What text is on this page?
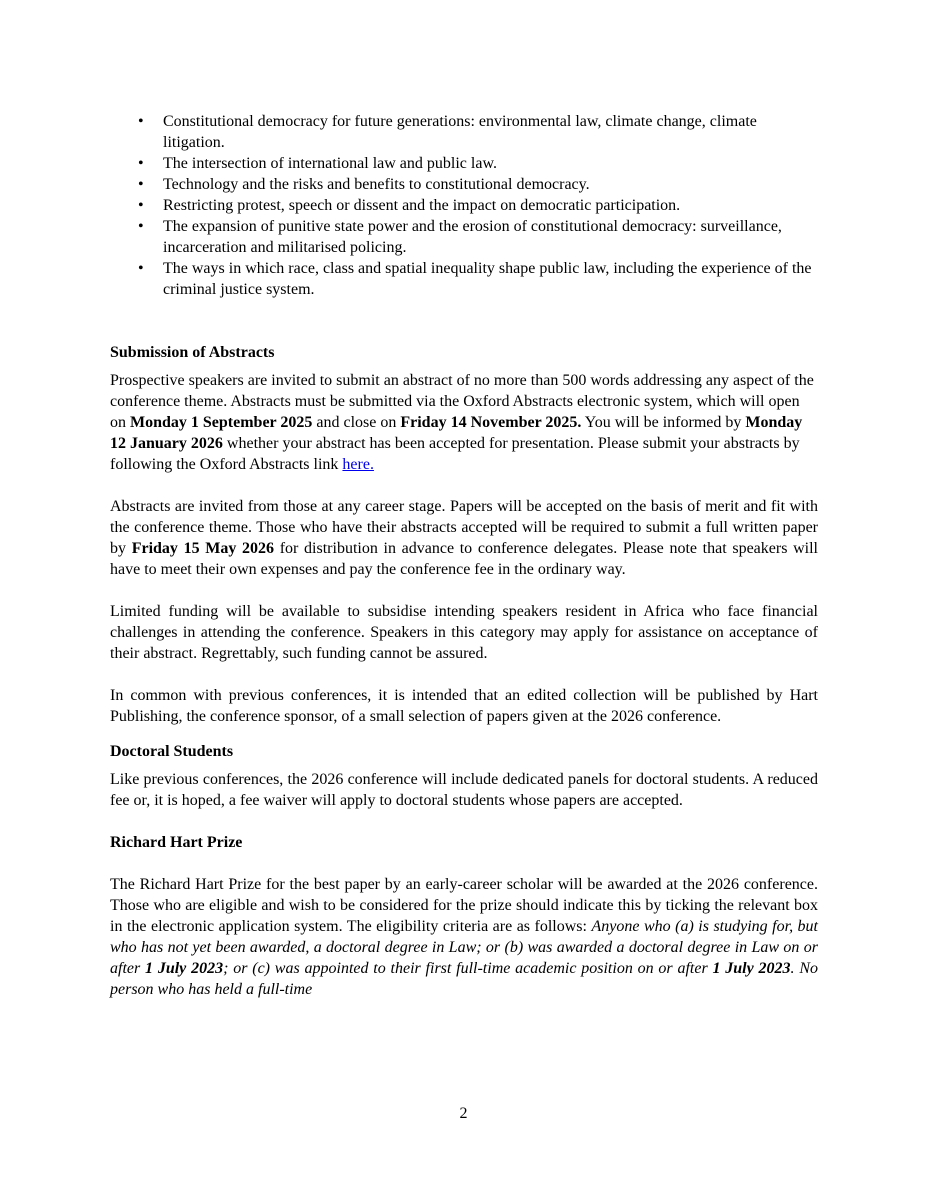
• Constitutional democracy for future generations: environmental law, climate change, climate litigation.
• The intersection of international law and public law.
• Technology and the risks and benefits to constitutional democracy.
• Restricting protest, speech or dissent and the impact on democratic participation.
• The expansion of punitive state power and the erosion of constitutional democracy: surveillance, incarceration and militarised policing.
• The ways in which race, class and spatial inequality shape public law, including the experience of the criminal justice system.
Submission of Abstracts

Prospective speakers are invited to submit an abstract of no more than 500 words addressing any aspect of the conference theme. Abstracts must be submitted via the Oxford Abstracts electronic system, which will open on Monday 1 September 2025 and close on Friday 14 November 2025. You will be informed by Monday 12 January 2026 whether your abstract has been accepted for presentation. Please submit your abstracts by following the Oxford Abstracts link here.

Abstracts are invited from those at any career stage. Papers will be accepted on the basis of merit and fit with the conference theme. Those who have their abstracts accepted will be required to submit a full written paper by Friday 15 May 2026 for distribution in advance to conference delegates. Please note that speakers will have to meet their own expenses and pay the conference fee in the ordinary way.

Limited funding will be available to subsidise intending speakers resident in Africa who face financial challenges in attending the conference. Speakers in this category may apply for assistance on acceptance of their abstract. Regrettably, such funding cannot be assured.

In common with previous conferences, it is intended that an edited collection will be published by Hart Publishing, the conference sponsor, of a small selection of papers given at the 2026 conference.

Doctoral Students

Like previous conferences, the 2026 conference will include dedicated panels for doctoral students. A reduced fee or, it is hoped, a fee waiver will apply to doctoral students whose papers are accepted.

Richard Hart Prize

The Richard Hart Prize for the best paper by an early-career scholar will be awarded at the 2026 conference. Those who are eligible and wish to be considered for the prize should indicate this by ticking the relevant box in the electronic application system. The eligibility criteria are as follows: Anyone who (a) is studying for, but who has not yet been awarded, a doctoral degree in Law; or (b) was awarded a doctoral degree in Law on or after 1 July 2023; or (c) was appointed to their first full-time academic position on or after 1 July 2023. No person who has held a full-time

2
